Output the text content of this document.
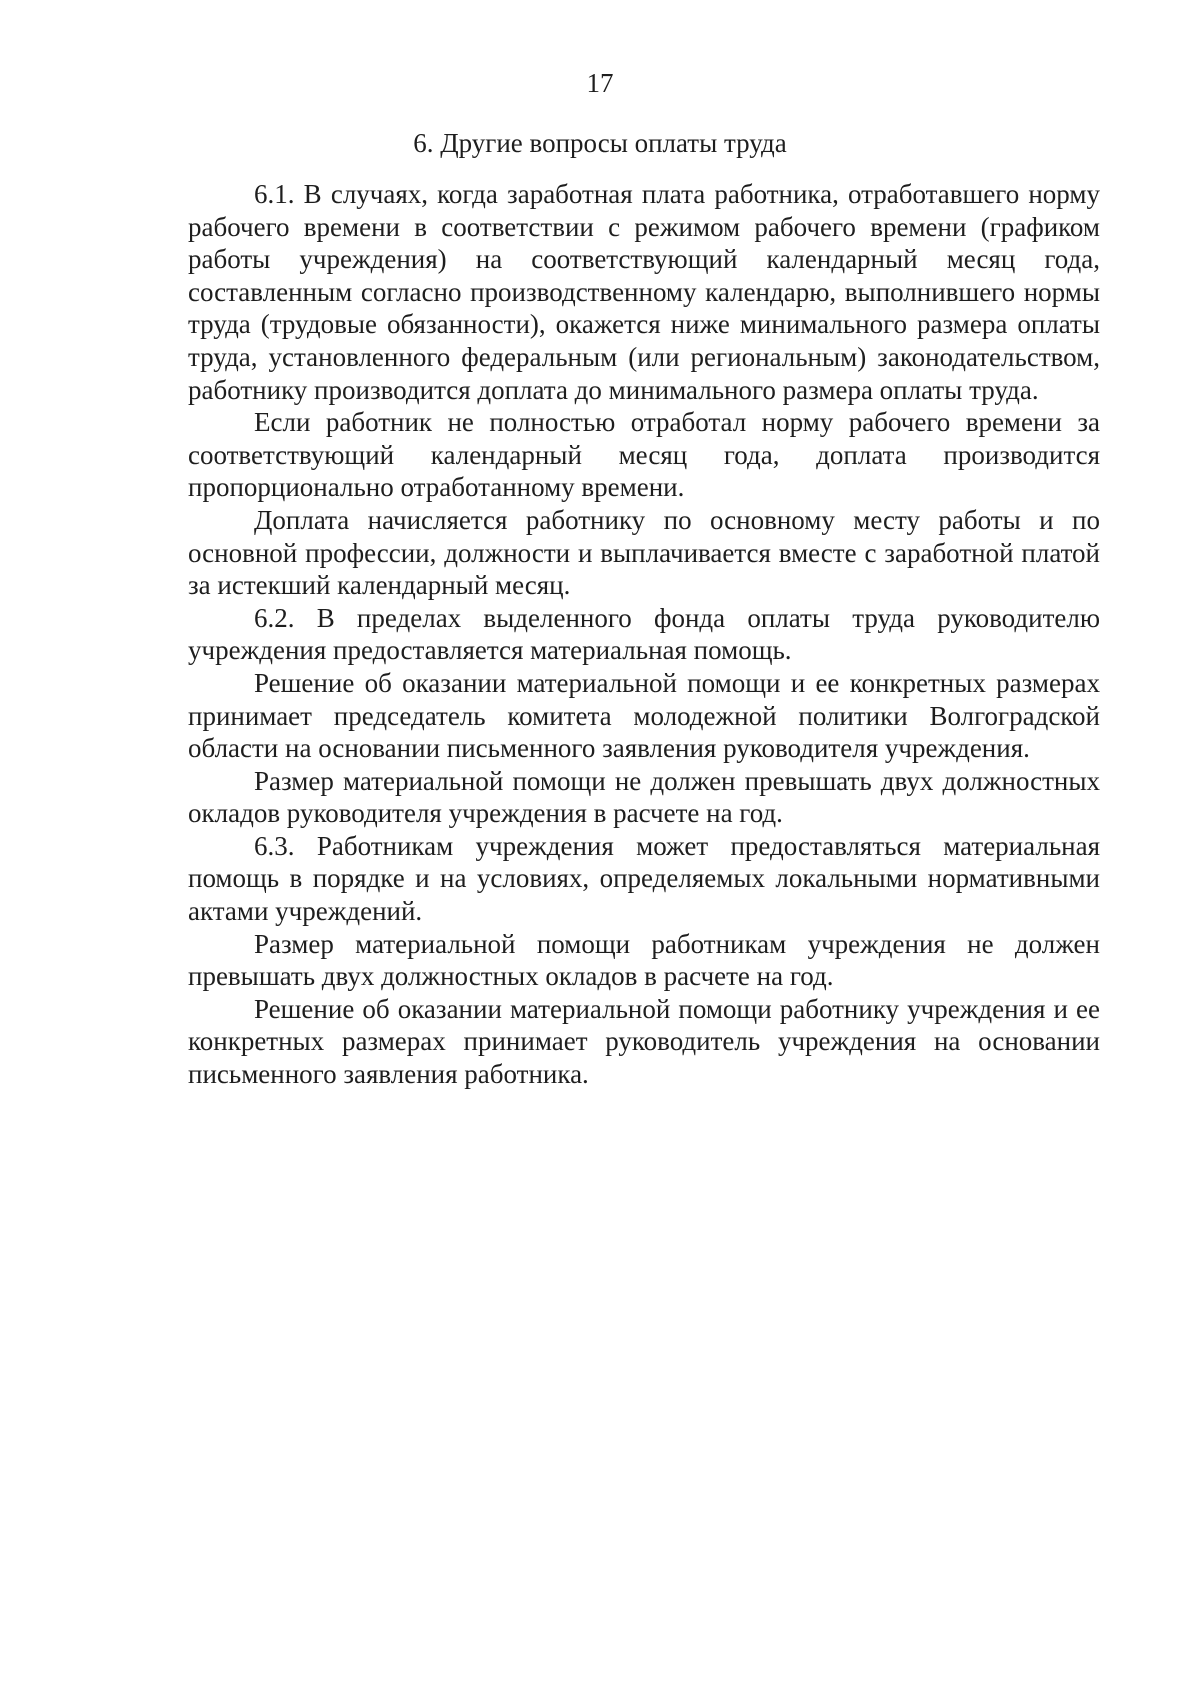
17
6. Другие вопросы оплаты труда

6.1. В случаях, когда заработная плата работника, отработавшего норму рабочего времени в соответствии с режимом рабочего времени (графиком работы учреждения) на соответствующий календарный месяц года, составленным согласно производственному календарю, выполнившего нормы труда (трудовые обязанности), окажется ниже минимального размера оплаты труда, установленного федеральным (или региональным) законодательством, работнику производится доплата до минимального размера оплаты труда.

Если работник не полностью отработал норму рабочего времени за соответствующий календарный месяц года, доплата производится пропорционально отработанному времени.

Доплата начисляется работнику по основному месту работы и по основной профессии, должности и выплачивается вместе с заработной платой за истекший календарный месяц.

6.2. В пределах выделенного фонда оплаты труда руководителю учреждения предоставляется материальная помощь.

Решение об оказании материальной помощи и ее конкретных размерах принимает председатель комитета молодежной политики Волгоградской области на основании письменного заявления руководителя учреждения.

Размер материальной помощи не должен превышать двух должностных окладов руководителя учреждения в расчете на год.

6.3. Работникам учреждения может предоставляться материальная помощь в порядке и на условиях, определяемых локальными нормативными актами учреждений.

Размер материальной помощи работникам учреждения не должен превышать двух должностных окладов в расчете на год.

Решение об оказании материальной помощи работнику учреждения и ее конкретных размерах принимает руководитель учреждения на основании письменного заявления работника.
